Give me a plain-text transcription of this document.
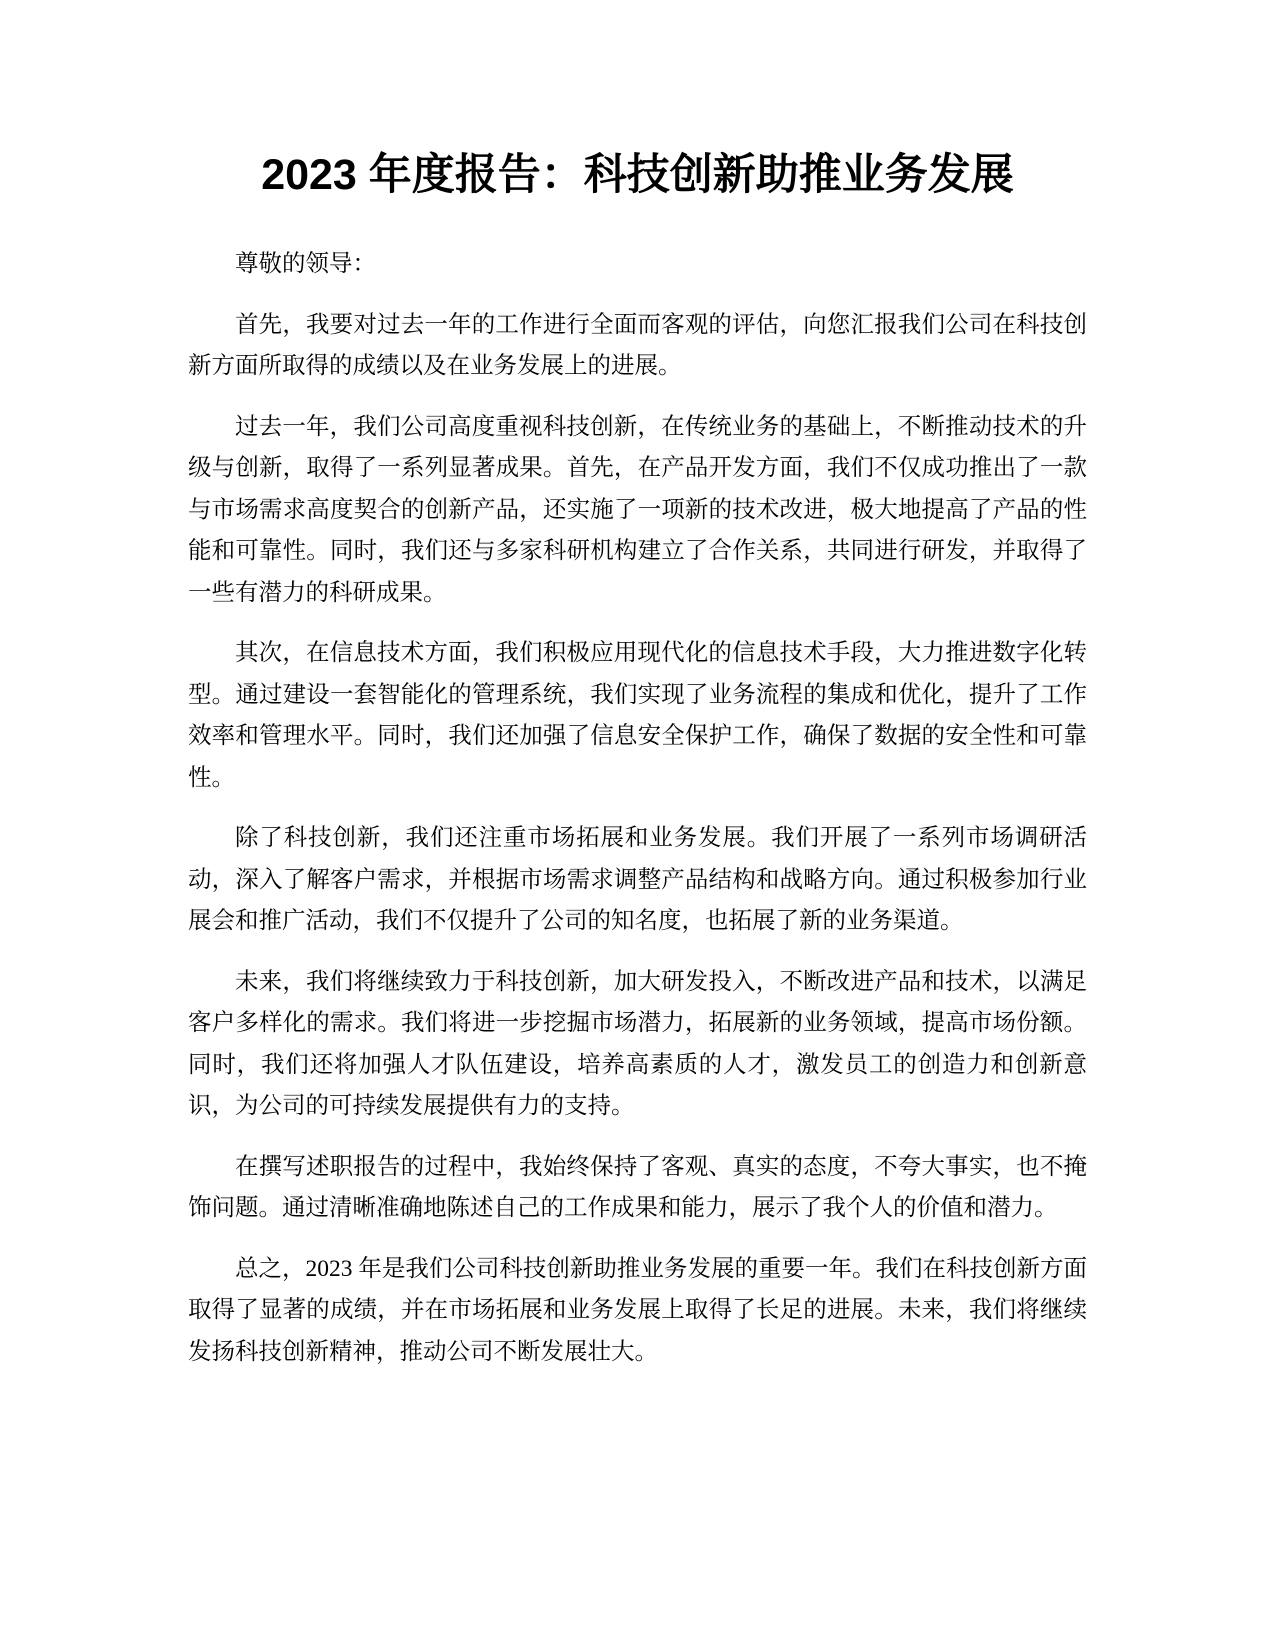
2023 年度报告：科技创新助推业务发展

尊敬的领导：

首先，我要对过去一年的工作进行全面而客观的评估，向您汇报我们公司在科技创新方面所取得的成绩以及在业务发展上的进展。

过去一年，我们公司高度重视科技创新，在传统业务的基础上，不断推动技术的升级与创新，取得了一系列显著成果。首先，在产品开发方面，我们不仅成功推出了一款与市场需求高度契合的创新产品，还实施了一项新的技术改进，极大地提高了产品的性能和可靠性。同时，我们还与多家科研机构建立了合作关系，共同进行研发，并取得了一些有潜力的科研成果。

其次，在信息技术方面，我们积极应用现代化的信息技术手段，大力推进数字化转型。通过建设一套智能化的管理系统，我们实现了业务流程的集成和优化，提升了工作效率和管理水平。同时，我们还加强了信息安全保护工作，确保了数据的安全性和可靠性。

除了科技创新，我们还注重市场拓展和业务发展。我们开展了一系列市场调研活动，深入了解客户需求，并根据市场需求调整产品结构和战略方向。通过积极参加行业展会和推广活动，我们不仅提升了公司的知名度，也拓展了新的业务渠道。

未来，我们将继续致力于科技创新，加大研发投入，不断改进产品和技术，以满足客户多样化的需求。我们将进一步挖掘市场潜力，拓展新的业务领域，提高市场份额。同时，我们还将加强人才队伍建设，培养高素质的人才，激发员工的创造力和创新意识，为公司的可持续发展提供有力的支持。

在撰写述职报告的过程中，我始终保持了客观、真实的态度，不夸大事实，也不掩饰问题。通过清晰准确地陈述自己的工作成果和能力，展示了我个人的价值和潜力。

总之，2023 年是我们公司科技创新助推业务发展的重要一年。我们在科技创新方面取得了显著的成绩，并在市场拓展和业务发展上取得了长足的进展。未来，我们将继续发扬科技创新精神，推动公司不断发展壮大。
